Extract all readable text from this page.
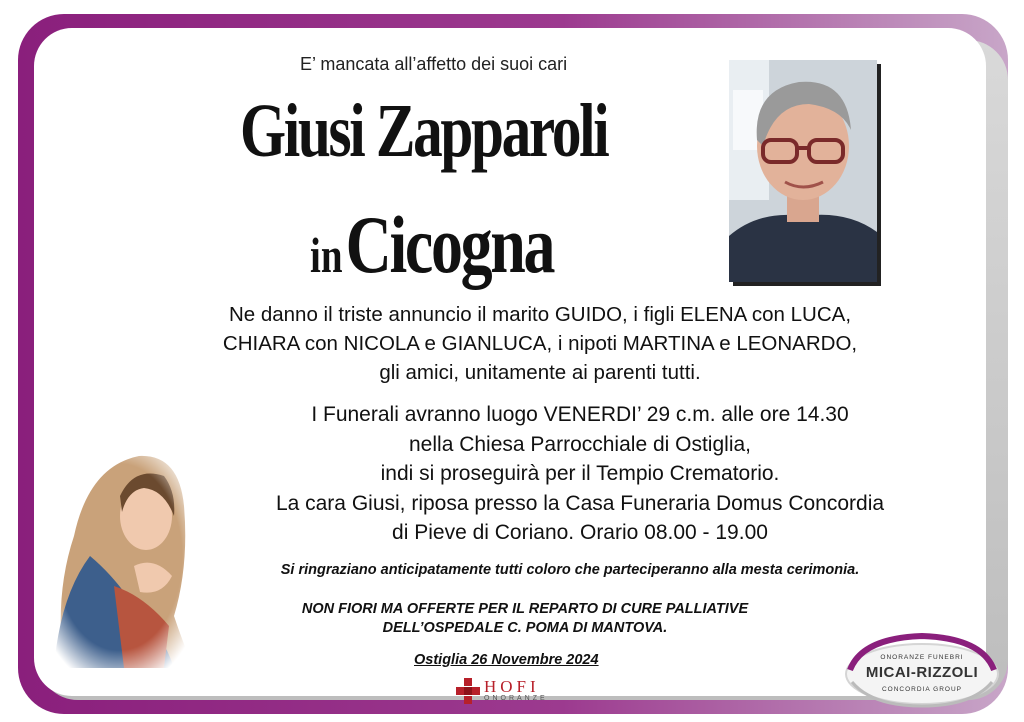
E’ mancata all’affetto dei suoi cari
Giusi Zapparoli
in Cicogna
Ne danno il triste annuncio il marito GUIDO, i figli ELENA con LUCA,
CHIARA con NICOLA e GIANLUCA, i nipoti MARTINA e LEONARDO,
gli amici, unitamente ai parenti tutti.
I Funerali avranno luogo VENERDI’ 29 c.m. alle ore 14.30
nella Chiesa Parrocchiale di Ostiglia,
indi si proseguirà per il Tempio Crematorio.
La cara Giusi, riposa presso la Casa Funeraria Domus Concordia
di Pieve di Coriano. Orario 08.00 - 19.00
Si ringraziano anticipatamente tutti coloro che parteciperanno alla mesta cerimonia.
NON FIORI MA OFFERTE PER IL REPARTO DI CURE PALLIATIVE
DELL’OSPEDALE C. POMA DI MANTOVA.
Ostiglia 26 Novembre 2024
HOFI
ONORANZE
ONORANZE FUNEBRI
MICAI-RIZZOLI
CONCORDIA GROUP
